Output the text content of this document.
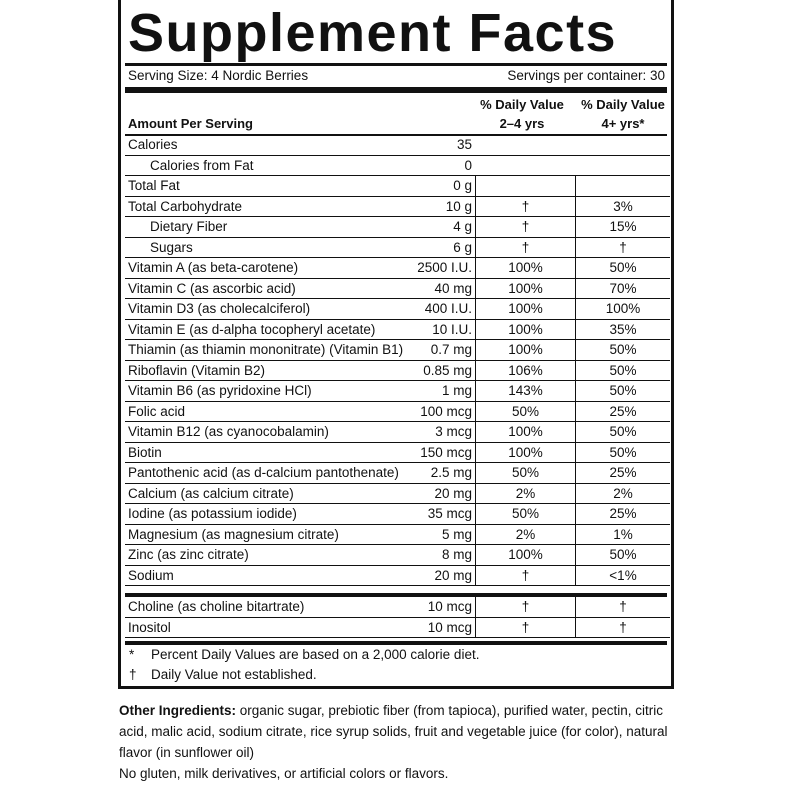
Supplement Facts
Serving Size: 4 Nordic Berries	Servings per container: 30
% Daily Value
2–4 yrs
% Daily Value
4+ yrs*
Amount Per Serving
Calories	35
Calories from Fat	0
Total Fat	0 g
Total Carbohydrate	10 g	†	3%
Dietary Fiber	4 g	†	15%
Sugars	6 g	†	†
Vitamin A (as beta-carotene)	2500 I.U.	100%	50%
Vitamin C (as ascorbic acid)	40 mg	100%	70%
Vitamin D3 (as cholecalciferol)	400 I.U.	100%	100%
Vitamin E (as d-alpha tocopheryl acetate)	10 I.U.	100%	35%
Thiamin (as thiamin mononitrate) (Vitamin B1)	0.7 mg	100%	50%
Riboflavin (Vitamin B2)	0.85 mg	106%	50%
Vitamin B6 (as pyridoxine HCl)	1 mg	143%	50%
Folic acid	100 mcg	50%	25%
Vitamin B12 (as cyanocobalamin)	3 mcg	100%	50%
Biotin	150 mcg	100%	50%
Pantothenic acid (as d-calcium pantothenate)	2.5 mg	50%	25%
Calcium (as calcium citrate)	20 mg	2%	2%
Iodine (as potassium iodide)	35 mcg	50%	25%
Magnesium (as magnesium citrate)	5 mg	2%	1%
Zinc (as zinc citrate)	8 mg	100%	50%
Sodium	20 mg	†	<1%
Choline (as choline bitartrate)	10 mcg	†	†
Inositol	10 mcg	†	†
* Percent Daily Values are based on a 2,000 calorie diet.
† Daily Value not established.
Other Ingredients: organic sugar, prebiotic fiber (from tapioca), purified water, pectin, citric acid, malic acid, sodium citrate, rice syrup solids, fruit and vegetable juice (for color), natural flavor (in sunflower oil)
No gluten, milk derivatives, or artificial colors or flavors.
